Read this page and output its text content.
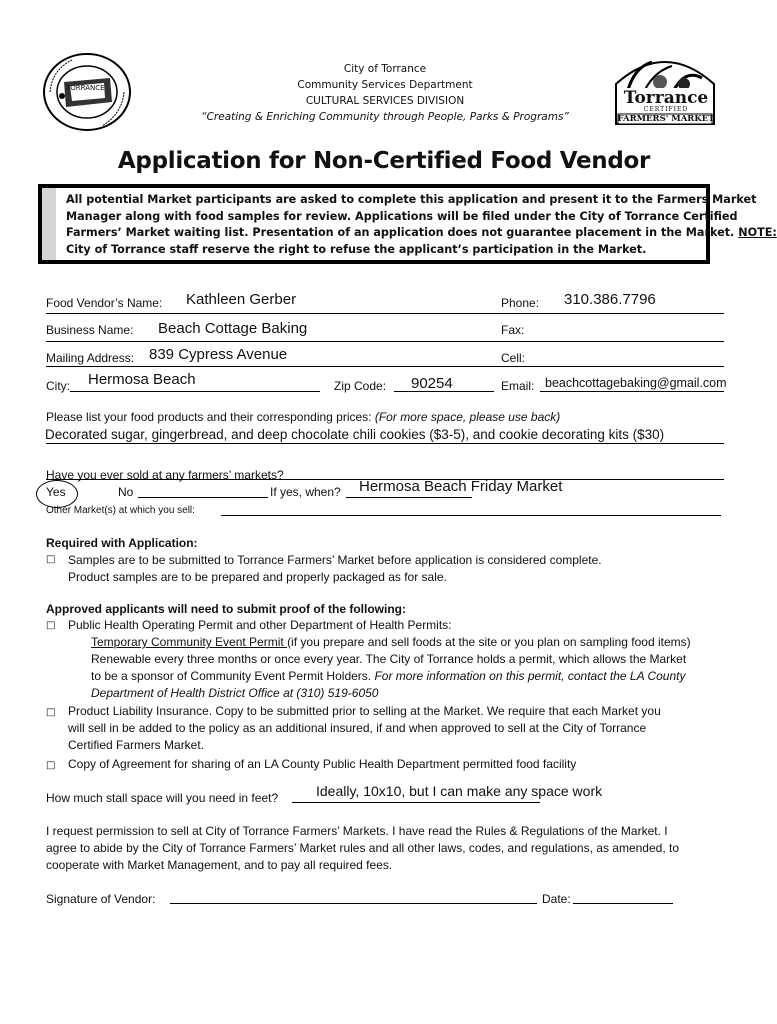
TORRANCE
City of Torrance
Community Services Department
CULTURAL SERVICES DIVISION
“Creating & Enriching Community through People, Parks & Programs”
Torrance
CERTIFIED
FARMERS' MARKET
Application for Non-Certified Food Vendor
All potential Market participants are asked to complete this application and present it to the Farmers Market
Manager along with food samples for review. Applications will be filed under the City of Torrance Certified
Farmers’ Market waiting list. Presentation of an application does not guarantee placement in the Market. NOTE:
City of Torrance staff reserve the right to refuse the applicant’s participation in the Market.
Food Vendor’s Name: Kathleen Gerber	Phone: 310.386.7796
Business Name: Beach Cottage Baking	Fax:
Mailing Address: 839 Cypress Avenue	Cell:
City: Hermosa Beach	Zip Code: 90254	Email: beachcottagebaking@gmail.com
Please list your food products and their corresponding prices: (For more space, please use back)
Decorated sugar, gingerbread, and deep chocolate chili cookies ($3-5), and cookie decorating kits ($30)
Have you ever sold at any farmers’ markets?
Yes	No	If yes, when? Hermosa Beach Friday Market
Other Market(s) at which you sell:
Required with Application:
□ Samples are to be submitted to Torrance Farmers’ Market before application is considered complete.
Product samples are to be prepared and properly packaged as for sale.
Approved applicants will need to submit proof of the following:
□ Public Health Operating Permit and other Department of Health Permits:
Temporary Community Event Permit (if you prepare and sell foods at the site or you plan on sampling food items)
Renewable every three months or once every year. The City of Torrance holds a permit, which allows the Market
to be a sponsor of Community Event Permit Holders. For more information on this permit, contact the LA County
Department of Health District Office at (310) 519-6050
□ Product Liability Insurance. Copy to be submitted prior to selling at the Market. We require that each Market you
will sell in be added to the policy as an additional insured, if and when approved to sell at the City of Torrance
Certified Farmers Market.
□ Copy of Agreement for sharing of an LA County Public Health Department permitted food facility
How much stall space will you need in feet?	Ideally, 10x10, but I can make any space work
I request permission to sell at City of Torrance Farmers’ Markets. I have read the Rules & Regulations of the Market. I
agree to abide by the City of Torrance Farmers’ Market rules and all other laws, codes, and regulations, as amended, to
cooperate with Market Management, and to pay all required fees.
Signature of Vendor:	Date:
